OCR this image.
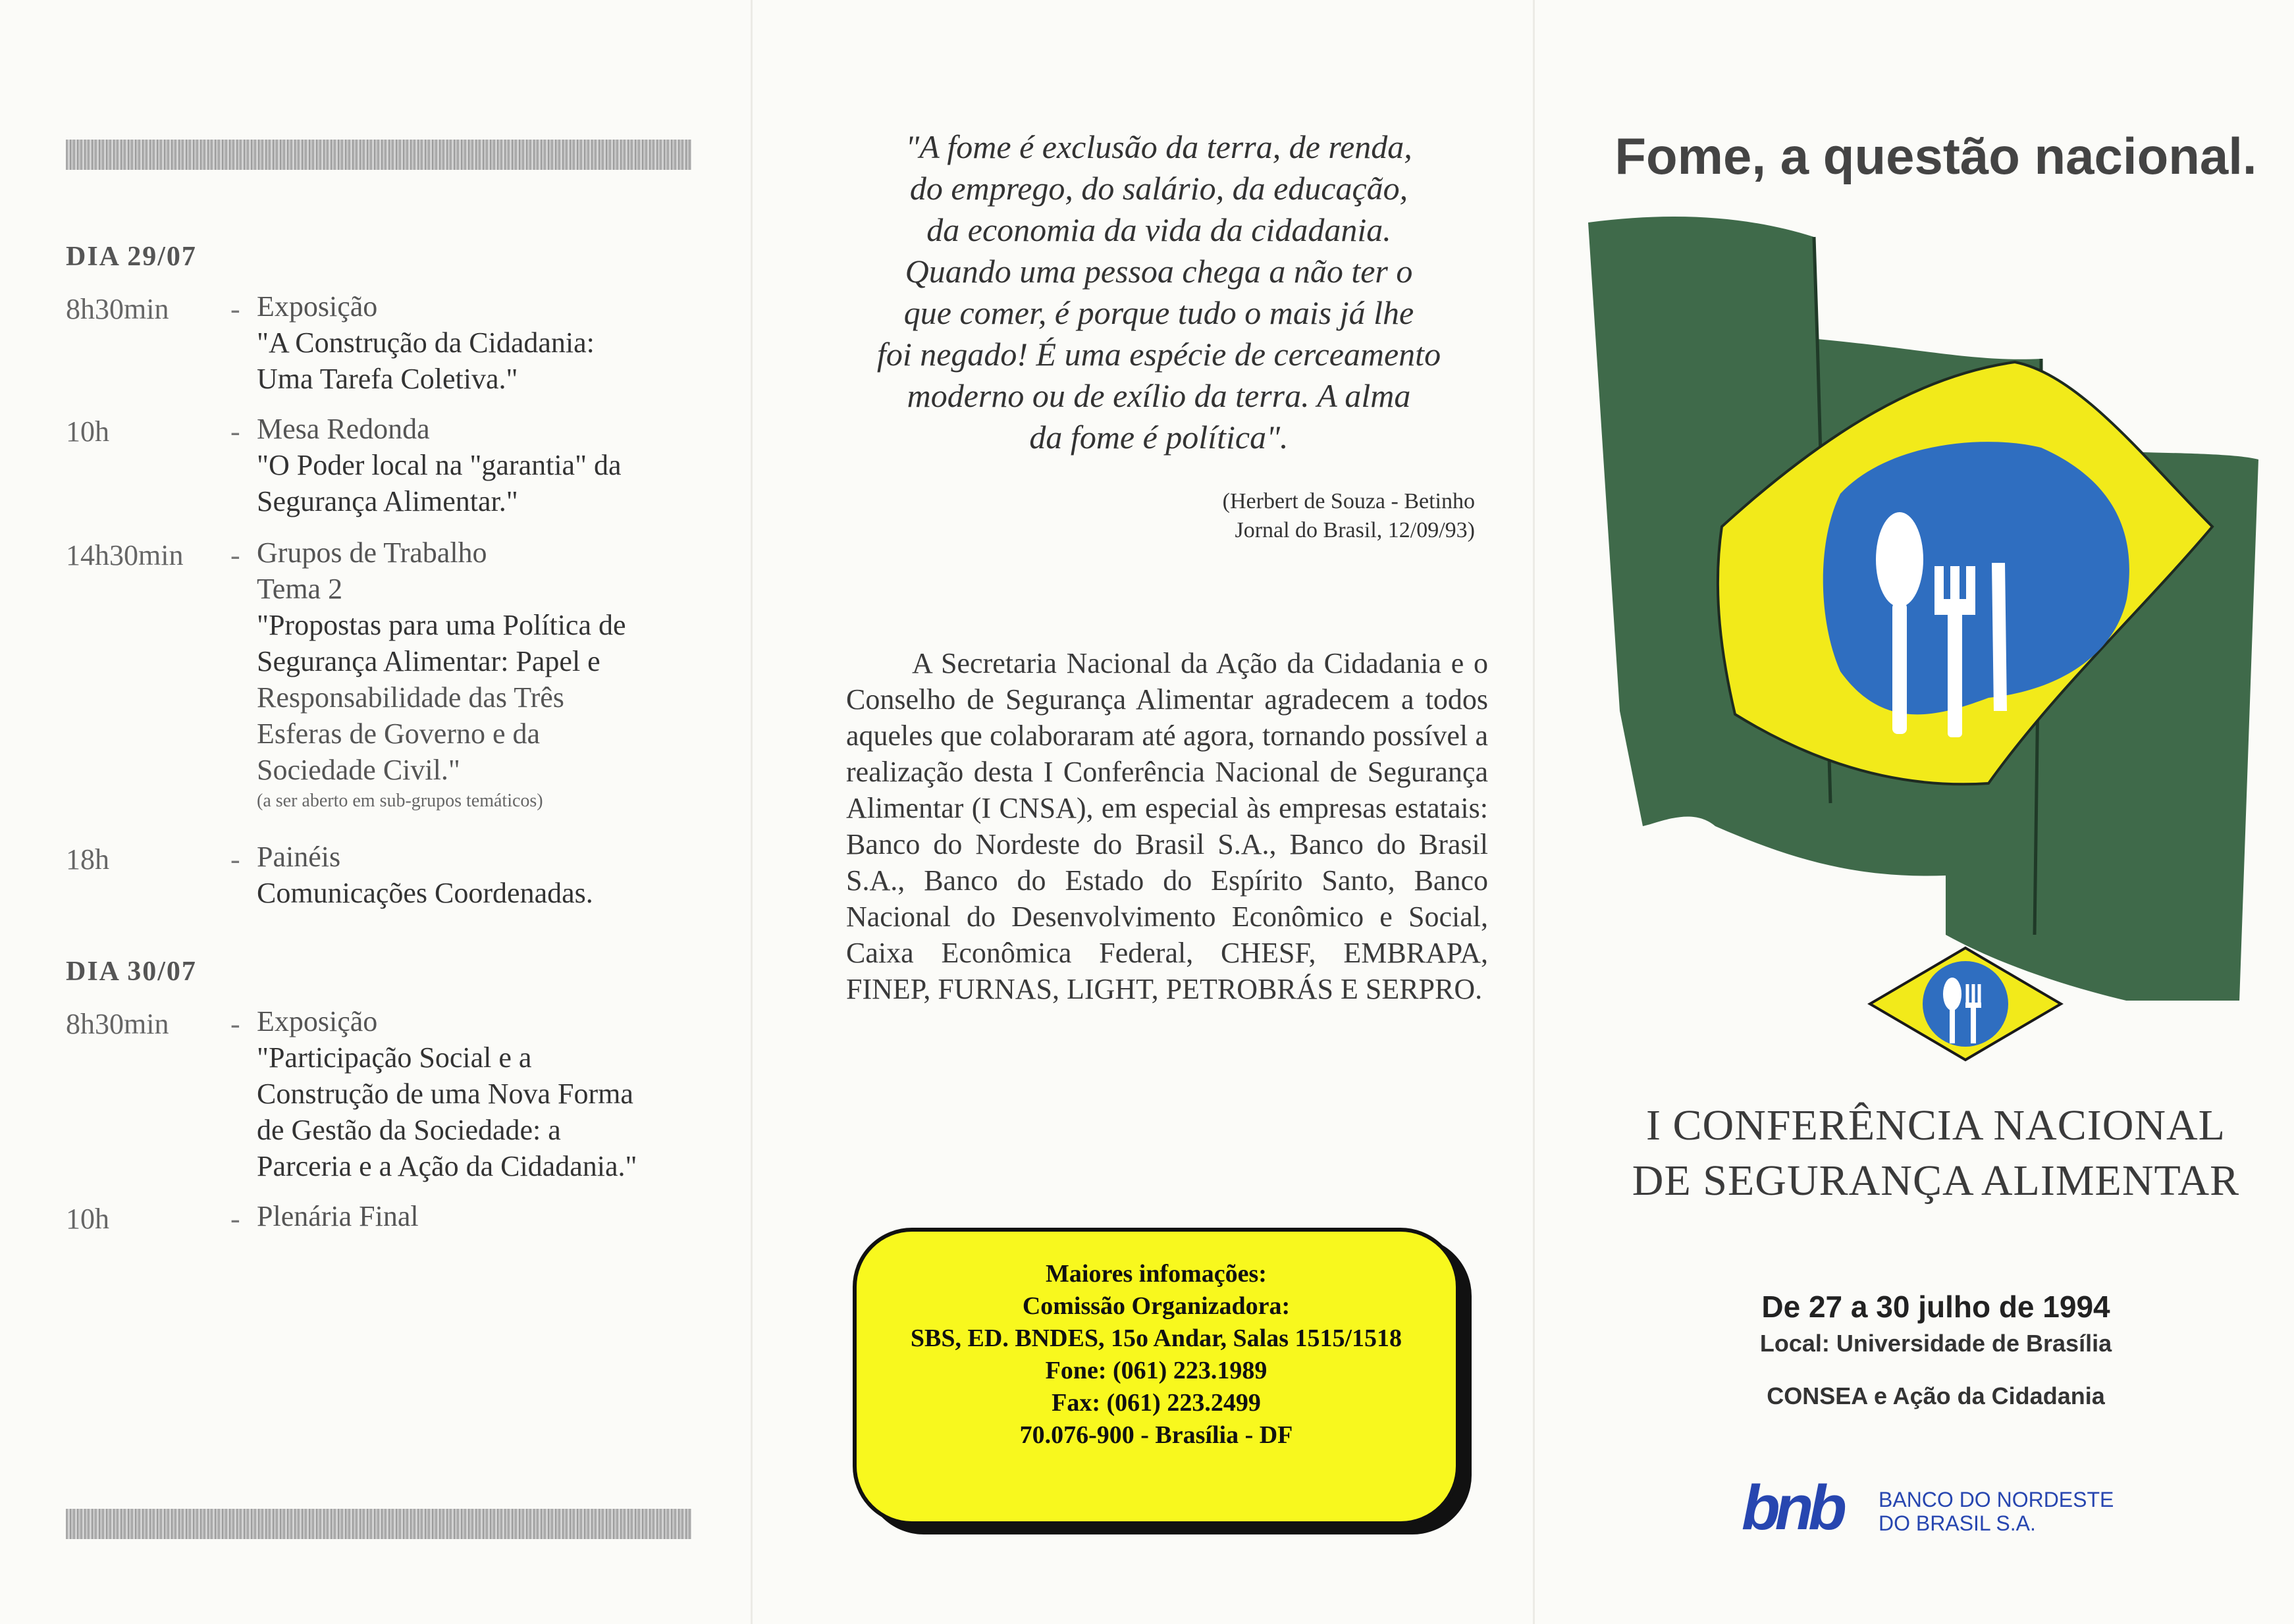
DIA 29/07
8h30min - Exposição
"A Construção da Cidadania:
Uma Tarefa Coletiva."
10h	- Mesa Redonda
"O Poder local na "garantia" da
Segurança Alimentar."
14h30min - Grupos de Trabalho
Tema 2
"Propostas para uma Política de
Segurança Alimentar: Papel e
Responsabilidade das Três
Esferas de Governo e da
Sociedade Civil."
(a ser aberto em sub-grupos temáticos)
18h	- Painéis
Comunicações Coordenadas.
DIA 30/07
8h30min - Exposição
"Participação Social e a
Construção de uma Nova Forma
de Gestão da Sociedade: a
Parceria e a Ação da Cidadania."
10h	- Plenária Final
"A fome é exclusão da terra, de renda,
do emprego, do salário, da educação,
da economia da vida da cidadania.
Quando uma pessoa chega a não ter o
que comer, é porque tudo o mais já lhe
foi negado! É uma espécie de cerceamento
moderno ou de exílio da terra. A alma
da fome é política".
(Herbert de Souza - Betinho
Jornal do Brasil, 12/09/93)
A Secretaria Nacional da Ação da Cidadania e o Conselho de Segurança Alimentar agradecem a todos aqueles que colaboraram até agora, tornando possível a realização desta I Conferência Nacional de Segurança Alimentar (I CNSA), em especial às empresas estatais: Banco do Nordeste do Brasil S.A., Banco do Brasil S.A., Banco do Estado do Espírito Santo, Banco Nacional do Desenvolvimento Econômico e Social, Caixa Econômica Federal, CHESF, EMBRAPA, FINEP, FURNAS, LIGHT, PETROBRÁS E SERPRO.
Maiores infomações:
Comissão Organizadora:
SBS, ED. BNDES, 15o Andar, Salas 1515/1518
Fone: (061) 223.1989
Fax: (061) 223.2499
70.076-900 - Brasília - DF
Fome, a questão nacional.
I CONFERÊNCIA NACIONAL
DE SEGURANÇA ALIMENTAR
De 27 a 30 julho de 1994
Local: Universidade de Brasília
CONSEA e Ação da Cidadania
bnb BANCO DO NORDESTE
DO BRASIL S.A.
